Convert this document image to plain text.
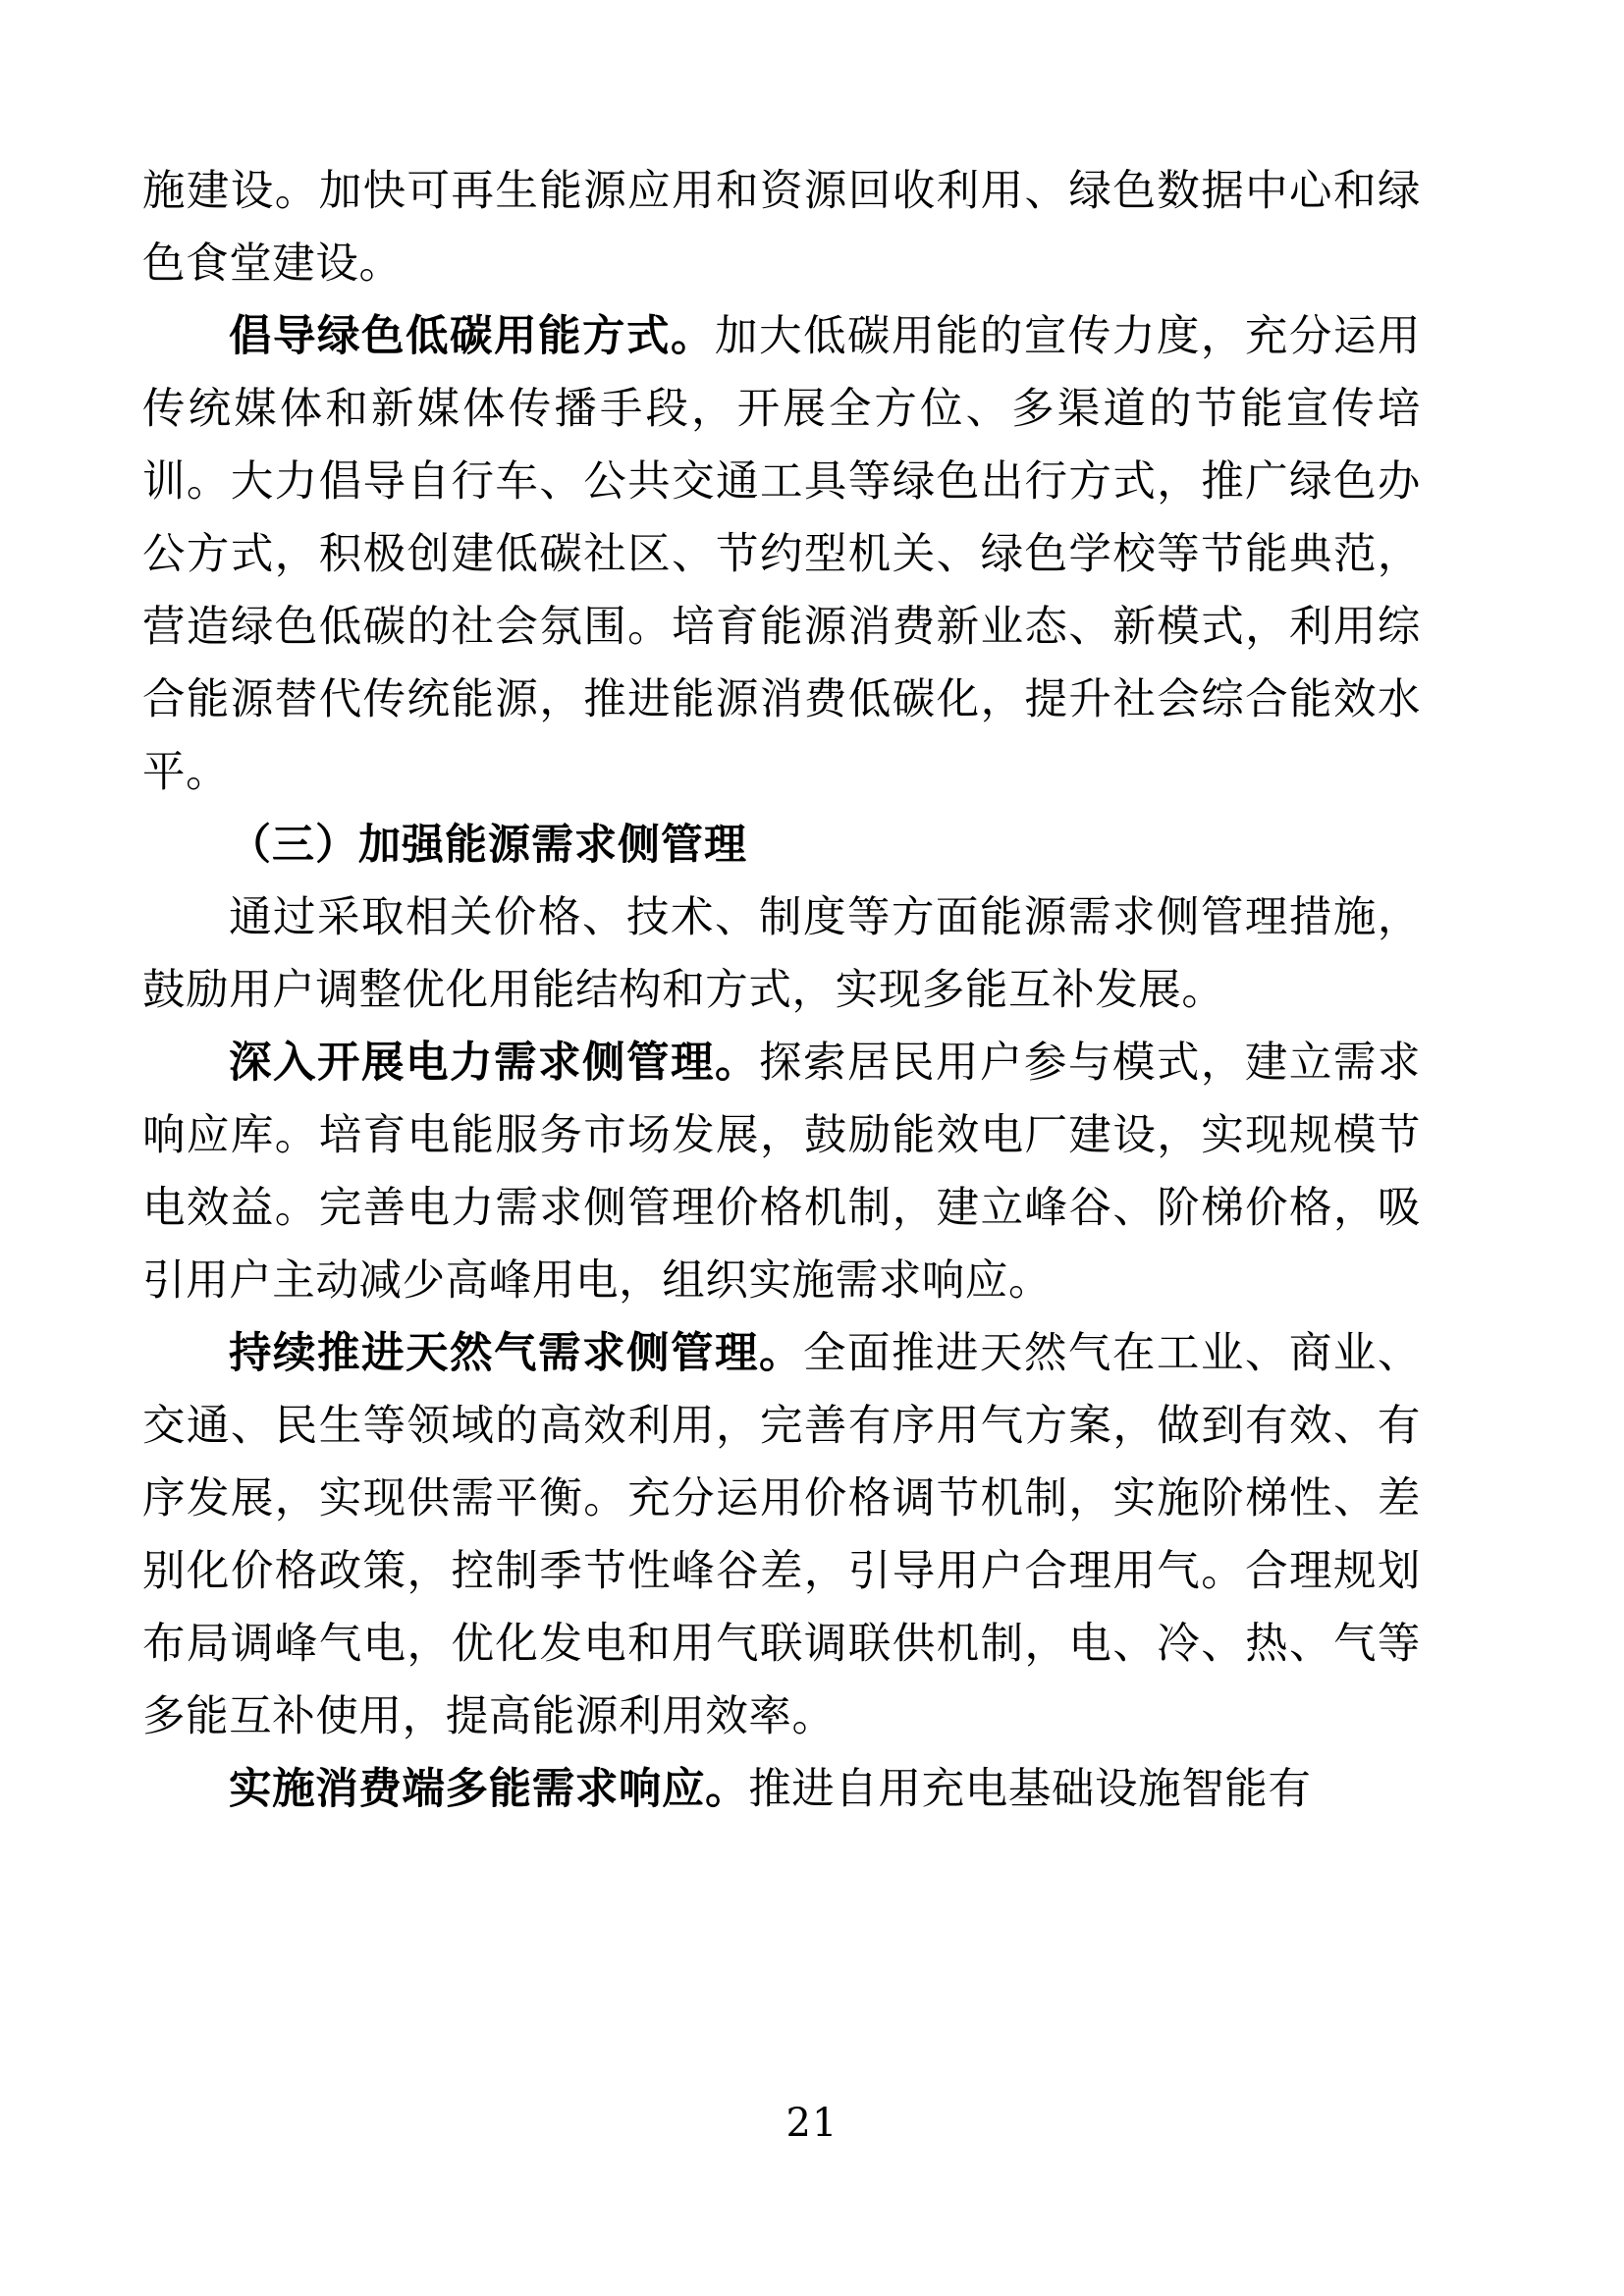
施建设。加快可再生能源应用和资源回收利用、绿色数据中心和绿色食堂建设。

倡导绿色低碳用能方式。加大低碳用能的宣传力度，充分运用传统媒体和新媒体传播手段，开展全方位、多渠道的节能宣传培训。大力倡导自行车、公共交通工具等绿色出行方式，推广绿色办公方式，积极创建低碳社区、节约型机关、绿色学校等节能典范，营造绿色低碳的社会氛围。培育能源消费新业态、新模式，利用综合能源替代传统能源，推进能源消费低碳化，提升社会综合能效水平。

（三）加强能源需求侧管理

通过采取相关价格、技术、制度等方面能源需求侧管理措施，鼓励用户调整优化用能结构和方式，实现多能互补发展。

深入开展电力需求侧管理。探索居民用户参与模式，建立需求响应库。培育电能服务市场发展，鼓励能效电厂建设，实现规模节电效益。完善电力需求侧管理价格机制，建立峰谷、阶梯价格，吸引用户主动减少高峰用电，组织实施需求响应。

持续推进天然气需求侧管理。全面推进天然气在工业、商业、交通、民生等领域的高效利用，完善有序用气方案，做到有效、有序发展，实现供需平衡。充分运用价格调节机制，实施阶梯性、差别化价格政策，控制季节性峰谷差，引导用户合理用气。合理规划布局调峰气电，优化发电和用气联调联供机制，电、冷、热、气等多能互补使用，提高能源利用效率。

实施消费端多能需求响应。推进自用充电基础设施智能有

21
